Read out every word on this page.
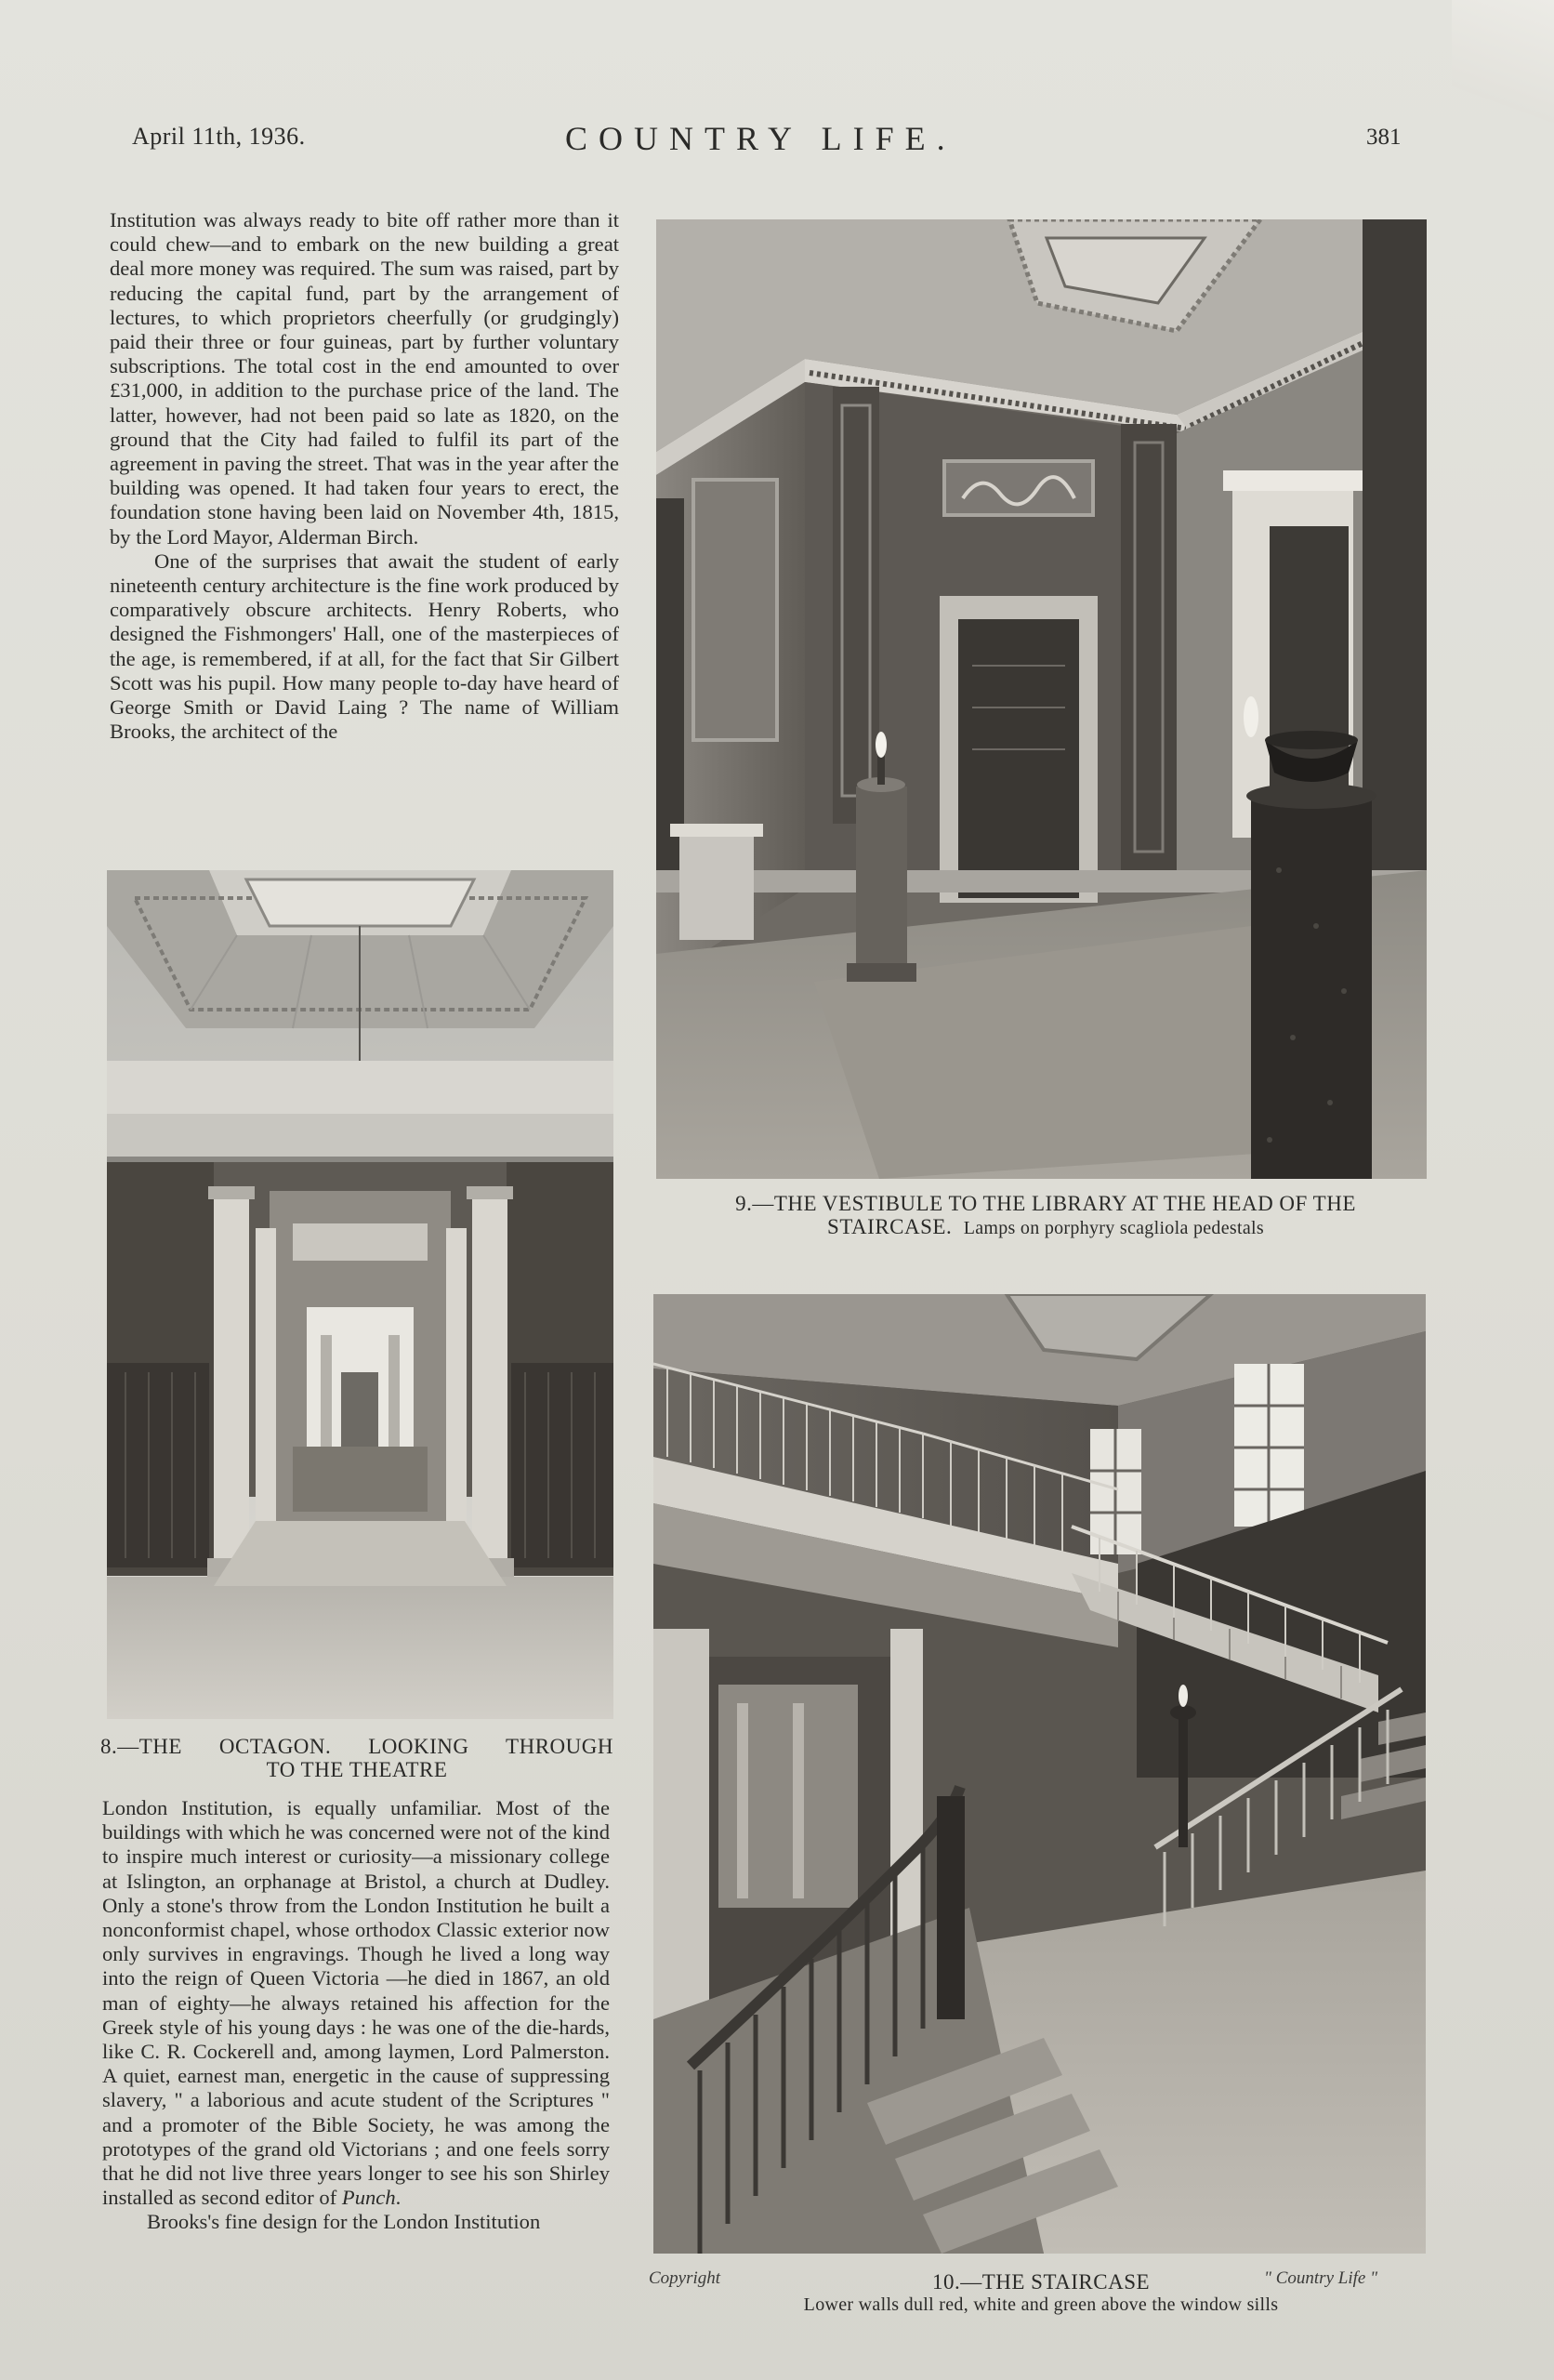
April 11th, 1936.	COUNTRY LIFE.	381

Institution was always ready to bite off rather more than it could chew—and to embark on the new building a great deal more money was required. The sum was raised, part by reducing the capital fund, part by the arrangement of lectures, to which proprietors cheerfully (or grudgingly) paid their three or four guineas, part by further voluntary subscriptions. The total cost in the end amounted to over £31,000, in addition to the purchase price of the land. The latter, however, had not been paid so late as 1820, on the ground that the City had failed to fulfil its part of the agreement in paving the street. That was in the year after the building was opened. It had taken four years to erect, the foundation stone having been laid on November 4th, 1815, by the Lord Mayor, Alderman Birch.

One of the surprises that await the student of early nineteenth century architecture is the fine work produced by comparatively obscure architects. Henry Roberts, who designed the Fishmongers' Hall, one of the masterpieces of the age, is remembered, if at all, for the fact that Sir Gilbert Scott was his pupil. How many people to-day have heard of George Smith or David Laing ? The name of William Brooks, the architect of the

8.—THE OCTAGON. LOOKING THROUGH
TO THE THEATRE

London Institution, is equally unfamiliar. Most of the buildings with which he was concerned were not of the kind to inspire much interest or curiosity—a missionary college at Islington, an orphanage at Bristol, a church at Dudley. Only a stone's throw from the London Institution he built a nonconformist chapel, whose orthodox Classic exterior now only survives in engravings. Though he lived a long way into the reign of Queen Victoria —he died in 1867, an old man of eighty—he always retained his affection for the Greek style of his young days : he was one of the die-hards, like C. R. Cockerell and, among laymen, Lord Palmerston. A quiet, earnest man, energetic in the cause of suppressing slavery, " a laborious and acute student of the Scriptures " and a promoter of the Bible Society, he was among the prototypes of the grand old Victorians ; and one feels sorry that he did not live three years longer to see his son Shirley installed as second editor of Punch.

Brooks's fine design for the London Institution

9.—THE VESTIBULE TO THE LIBRARY AT THE HEAD OF THE
STAIRCASE. Lamps on porphyry scagliola pedestals
Copyright	" Country Life "
10.—THE STAIRCASE
Lower walls dull red, white and green above the window sills
